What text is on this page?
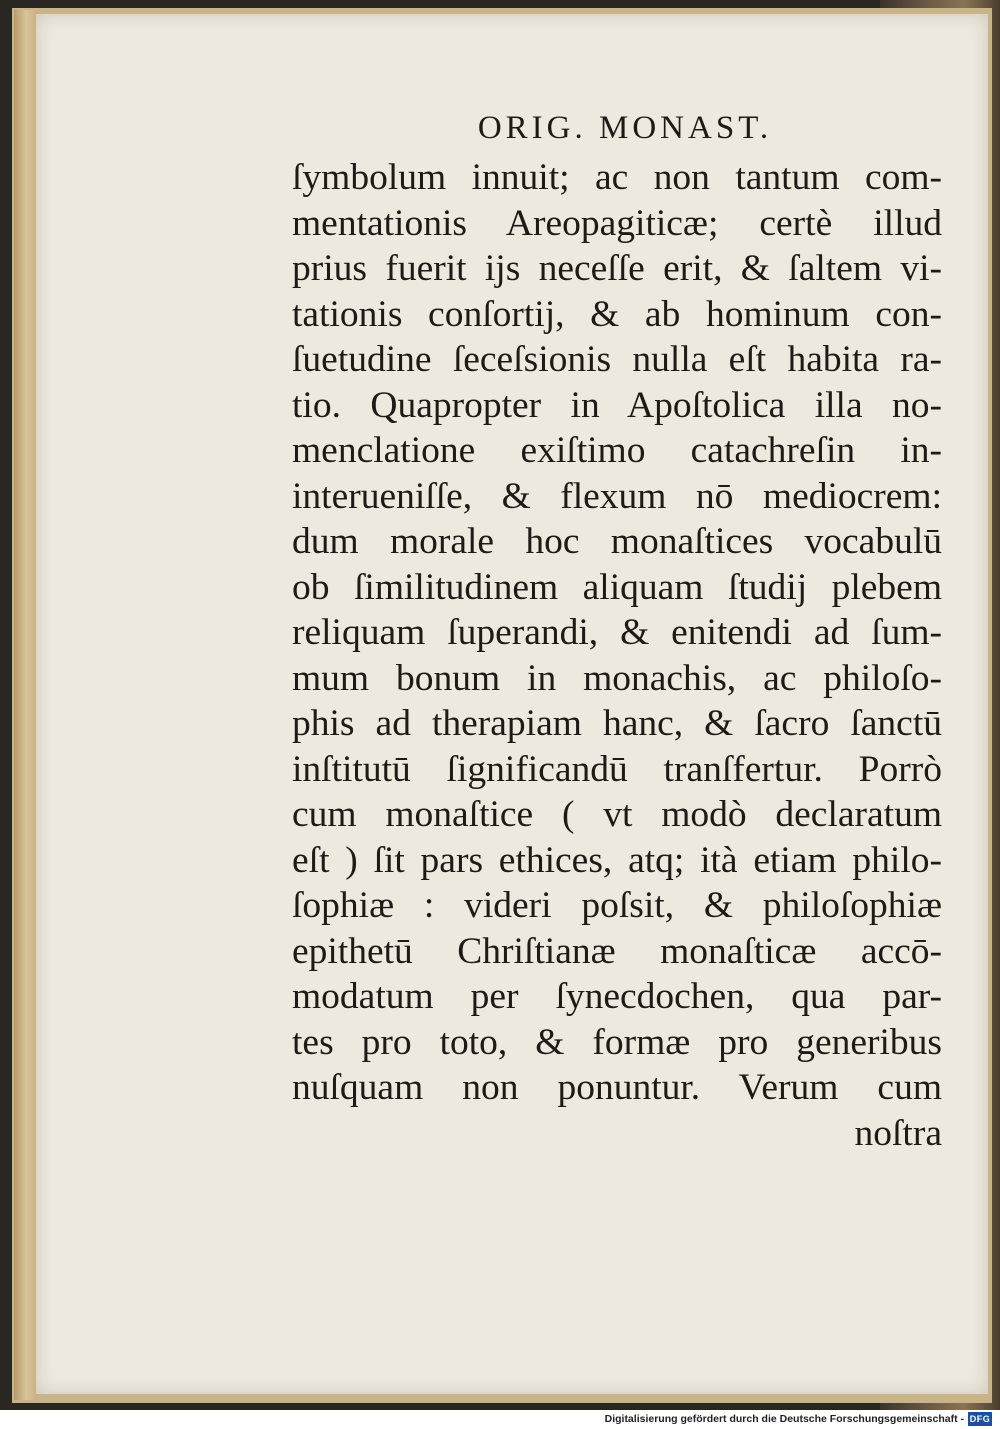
ORIG. MONAST.
ſymbolum innuit; ac non tantum com-
mentationis Areopagiticæ; certè illud
prius fuerit ijs neceſſe erit, & ſaltem vi-
tationis conſortij, & ab hominum con-
ſuetudine ſeceſsionis nulla eſt habita ra-
tio. Quapropter in Apoſtolica illa no-
menclatione exiſtimo catachreſin in-
interueniſſe, & flexum nō mediocrem:
dum morale hoc monaſtices vocabulū
ob ſimilitudinem aliquam ſtudij plebem
reliquam ſuperandi, & enitendi ad ſum-
mum bonum in monachis, ac philoſo-
phis ad therapiam hanc, & ſacro ſanctū
inſtitutū ſignificandū tranſfertur. Porrò
cum monaſtice ( vt modò declaratum
eſt ) ſit pars ethices, atq; ità etiam philo-
ſophiæ : videri poſsit, & philoſophiæ
epithetū Chriſtianæ monaſticæ accō-
modatum per ſynecdochen, qua par-
tes pro toto, & formæ pro generibus
nuſquam non ponuntur. Verum cum
noſtra
Digitalisierung gefördert durch die Deutsche Forschungsgemeinschaft - DFG
